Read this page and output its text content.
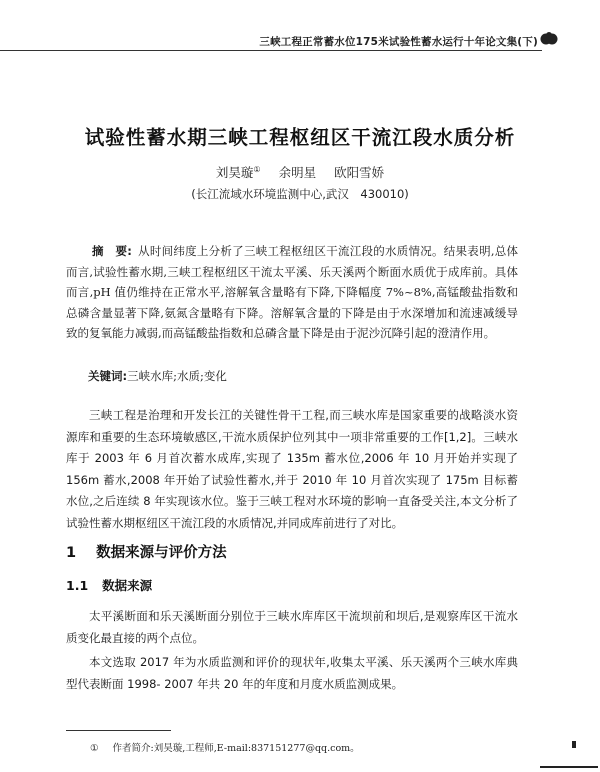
三峡工程正常蓄水位175米试验性蓄水运行十年论文集(下)
试验性蓄水期三峡工程枢纽区干流江段水质分析
刘昊璇① 余明星 欧阳雪娇
(长江流域水环境监测中心,武汉　430010)
摘　要: 从时间纬度上分析了三峡工程枢纽区干流江段的水质情况。结果表明,总体而言,试验性蓄水期,三峡工程枢纽区干流太平溪、乐天溪两个断面水质优于成库前。具体而言,pH 值仍维持在正常水平,溶解氧含量略有下降,下降幅度 7%~8%,高锰酸盐指数和总磷含量显著下降,氨氮含量略有下降。溶解氧含量的下降是由于水深增加和流速减缓导致的复氧能力减弱,而高锰酸盐指数和总磷含量下降是由于泥沙沉降引起的澄清作用。
关键词:三峡水库;水质;变化
三峡工程是治理和开发长江的关键性骨干工程,而三峡水库是国家重要的战略淡水资源库和重要的生态环境敏感区,干流水质保护位列其中一项非常重要的工作[1,2]。三峡水库于 2003 年 6 月首次蓄水成库,实现了 135m 蓄水位,2006 年 10 月开始并实现了156m 蓄水,2008 年开始了试验性蓄水,并于 2010 年 10 月首次实现了 175m 目标蓄水位,之后连续 8 年实现该水位。鉴于三峡工程对水环境的影响一直备受关注,本文分析了试验性蓄水期枢纽区干流江段的水质情况,并同成库前进行了对比。
1 数据来源与评价方法
1.1 数据来源
太平溪断面和乐天溪断面分别位于三峡水库库区干流坝前和坝后,是观察库区干流水质变化最直接的两个点位。
本文选取 2017 年为水质监测和评价的现状年,收集太平溪、乐天溪两个三峡水库典型代表断面 1998- 2007 年共 20 年的年度和月度水质监测成果。
① 作者简介:刘昊璇,工程师,E-mail:837151277@qq.com。
